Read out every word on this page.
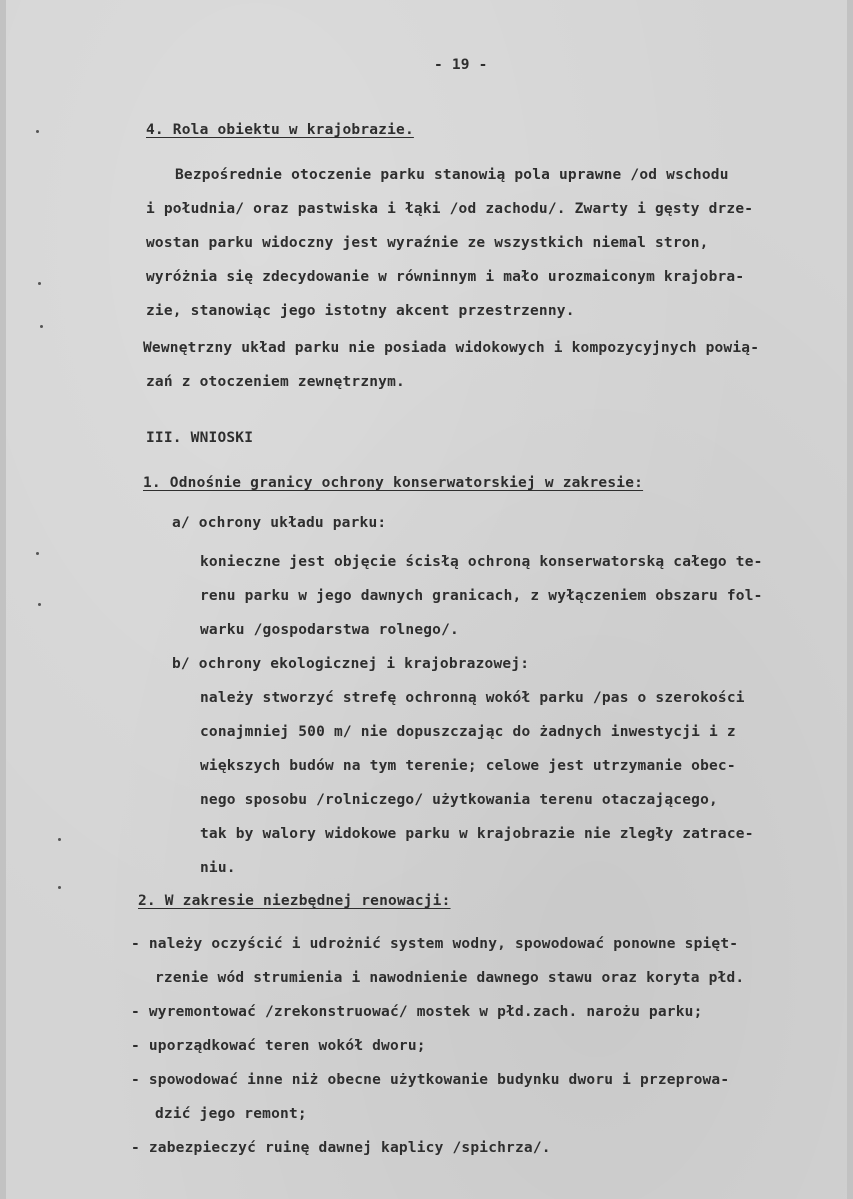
- 19 -
4. Rola obiektu w krajobrazie.
Bezpośrednie otoczenie parku stanowią pola uprawne /od wschodu
i południa/ oraz pastwiska i łąki /od zachodu/. Zwarty i gęsty drze-
wostan parku widoczny jest wyraźnie ze wszystkich niemal stron,
wyróżnia się zdecydowanie w równinnym i mało urozmaiconym krajobra-
zie, stanowiąc jego istotny akcent przestrzenny.
Wewnętrzny układ parku nie posiada widokowych i kompozycyjnych powią-
zań z otoczeniem zewnętrznym.
III. WNIOSKI
1. Odnośnie granicy ochrony konserwatorskiej w zakresie:
a/ ochrony układu parku:
konieczne jest objęcie ścisłą ochroną konserwatorską całego te-
renu parku w jego dawnych granicach, z wyłączeniem obszaru fol-
warku /gospodarstwa rolnego/.
b/ ochrony ekologicznej i krajobrazowej:
należy stworzyć strefę ochronną wokół parku /pas o szerokości
conajmniej 500 m/ nie dopuszczając do żadnych inwestycji i z
większych budów na tym terenie; celowe jest utrzymanie obec-
nego sposobu /rolniczego/ użytkowania terenu otaczającego,
tak by walory widokowe parku w krajobrazie nie zległy zatrace-
niu.
2. W zakresie niezbędnej renowacji:
- należy oczyścić i udrożnić system wodny, spowodować ponowne spięt-
rzenie wód strumienia i nawodnienie dawnego stawu oraz koryta płd.
- wyremontować /zrekonstruować/ mostek w płd.zach. narożu parku;
- uporządkować teren wokół dworu;
- spowodować inne niż obecne użytkowanie budynku dworu i przeprowa-
dzić jego remont;
- zabezpieczyć ruinę dawnej kaplicy /spichrza/.
